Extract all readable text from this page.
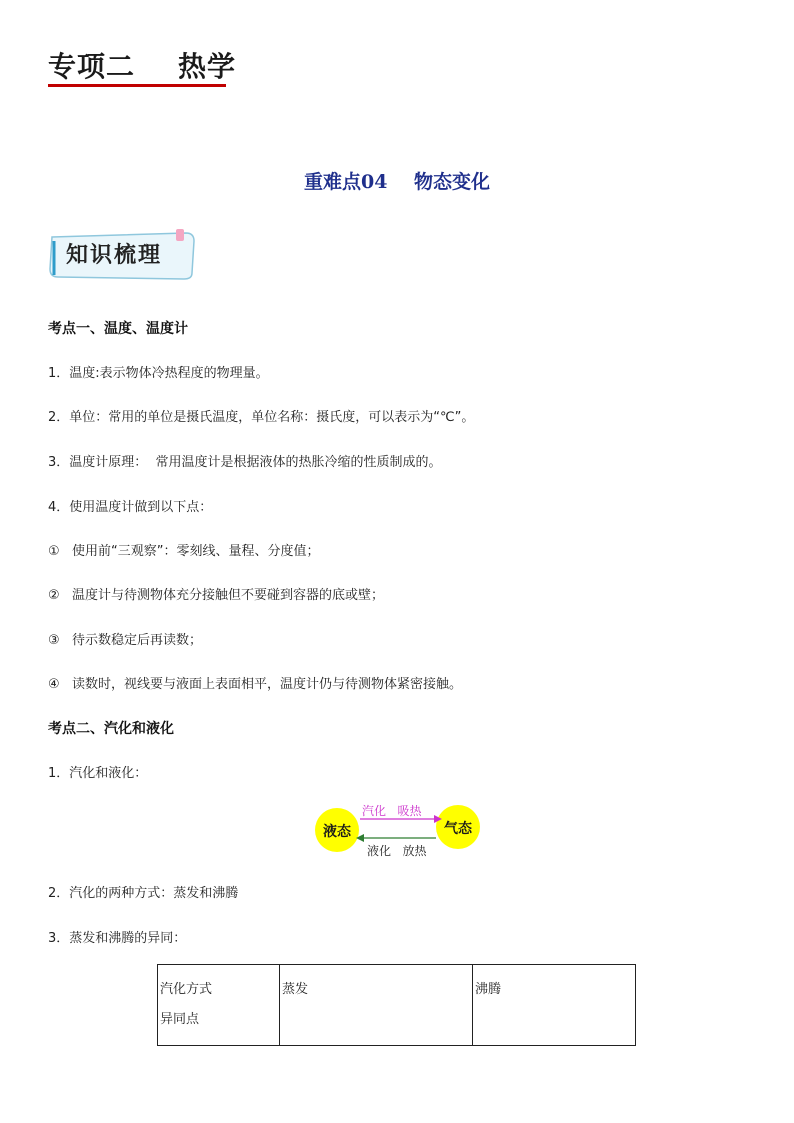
专项二    热学
重难点04    物态变化
知识梳理
考点一、温度、温度计
1．温度:表示物体冷热程度的物理量。
2．单位：常用的单位是摄氏温度，单位名称：摄氏度，可以表示为“℃”。
3．温度计原理：  常用温度计是根据液体的热胀冷缩的性质制成的。
4．使用温度计做到以下点：
①   使用前“三观察”：零刻线、量程、分度值；
②   温度计与待测物体充分接触但不要碰到容器的底或壁；
③   待示数稳定后再读数；
④   读数时，视线要与液面上表面相平，温度计仍与待测物体紧密接触。
考点二、汽化和液化
1．汽化和液化：
液态	气态
汽化   吸热
液化   放热
2．汽化的两种方式：蒸发和沸腾
3．蒸发和沸腾的异同：
汽化方式
异同点
	蒸发	沸腾
